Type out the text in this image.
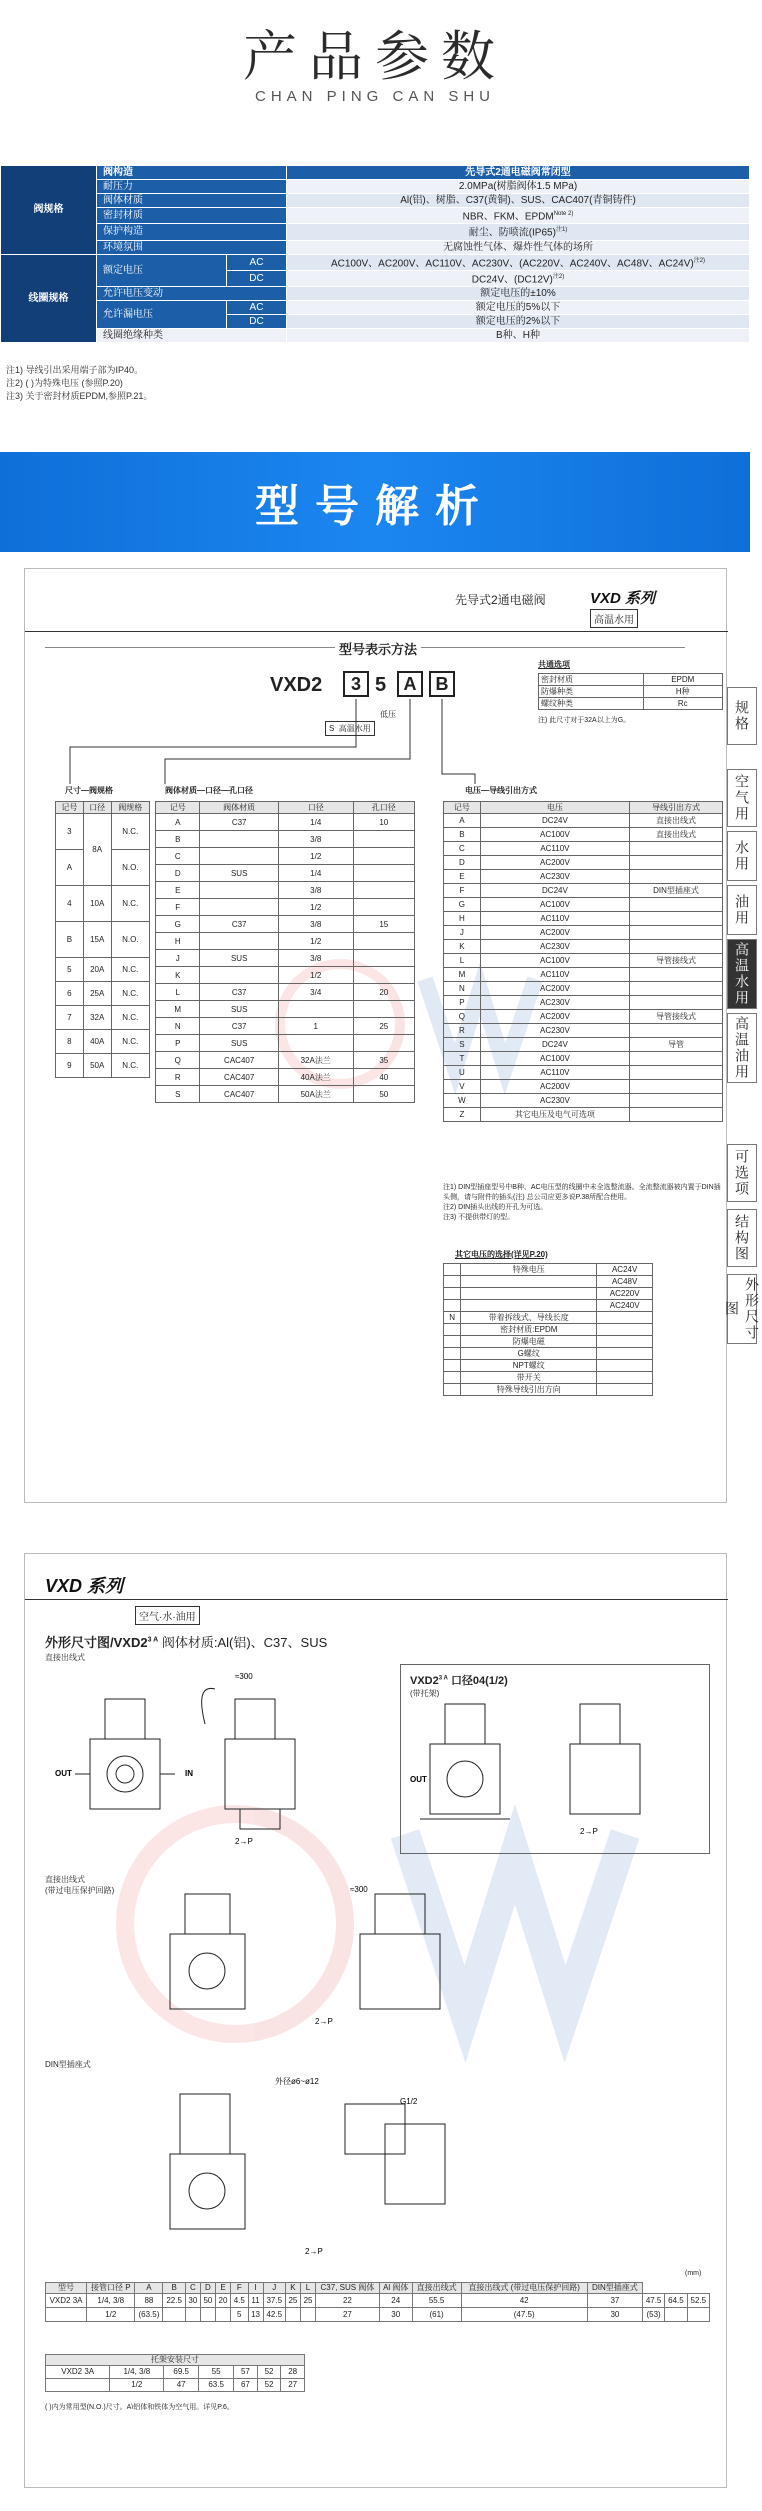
产品参数
CHAN PING CAN SHU
阀规格	阀构造		先导式2通电磁阀常闭型
	耐压力		2.0MPa(树脂阀体1.5 MPa)
	阀体材质		Al(铝)、树脂、C37(黄铜)、SUS、CAC407(青铜铸件)
	密封材质		NBR、FKM、$EPDM^{Note 2)}$
	保护构造		耐尘、防喷流$(IP65)^{注1)}$
	环境氛围		无腐蚀性气体、爆炸性气体的场所
线圈规格	额定电压	AC	AC100V、AC200V、AC110V、AC230V、(AC220V、AC240V、AC48V、AC24V)$^{注2)}$
		DC	DC24V、$(DC12V)^{注2)}$
	允许电压变动		额定电压的±10%
	允许漏电压	AC	额定电压的5%以下
		DC	额定电压的2%以下
	线圈绝缘种类		B种、H种
注1) 导线引出采用端子部为IP40。
注2) ( )为特殊电压 (参照P.20)
注3) 关于密封材质EPDM,参照P.21。
型号解析
先导式2通电磁阀	VXD 系列
高温水用
型号表示方法
VXD2	3 5 A	B
低压
S 高温水用
共通选项
密封材质	EPDM
防爆种类	H种
螺纹种类	Rc
注) 此尺寸对于32A以上为G。	规格
空气用
水用
油用
高温水用
高温油用
可选项
结构图
外形尺寸图
尺寸—阀规格
记号	口径	阀规格
3	8A	N.C.
A		N.O.
4	10A	N.C.
B	15A	N.O.
5	20A	N.C.
6	25A	N.C.
7	32A	N.C.
8	40A	N.C.
9	50A	N.C.
阀体材质—口径—孔口径
记号	阀体材质	口径	孔口径
A	C37	1/4	10
B		3/8	
C		1/2	
D	SUS	1/4	
E		3/8	
F		1/2	
G	C37	3/8	15
H		1/2	
J	SUS	3/8	
K		1/2	
L	C37	3/4	20
M	SUS		
N	C37	1	25
P	SUS		
Q	CAC407	32A法兰	35
R	CAC407	40A法兰	40
S	CAC407	50A法兰	50
电压—导线引出方式
记号	电压	导线引出方式
A	DC24V	直接出线式
B	AC100V	直接出线式
C	AC110V	
D	AC200V	
E	AC230V	
F	DC24V	DIN型插座式
G	AC100V	
H	AC110V	
J	AC200V	
K	AC230V	
L	AC100V	导管接线式
M	AC110V	
N	AC200V	
P	AC230V	
Q	AC200V	导管接线式
R	AC230V	
S	DC24V	导管
T	AC100V	
U	AC110V	
V	AC200V	
W	AC230V	
Z	其它电压及电气可选项	
注1) DIN型插座型号中B种、AC电压型的线圈中未全选整流器。全流整流器被内置于DIN插头侧，请与附件的插头(注) 总公司应更多说P.38所配合使用。
注2) DIN插头出线的开孔为可选。
注3) 不提供带灯的型。
其它电压的选择(详见P.20)
	特殊电压	AC24V
		AC48V
		AC220V
		AC240V
N	带着拆线式、导线长度	
	密封材质:EPDM	
	防爆电磁	
	G螺纹	
	NPT螺纹	
	带开关	
	特殊导线引出方向	
VXD 系列
空气·水·油用
外形尺寸图$/VXD2^{3 A}$ 阀体材质:Al(铝)、C37、SUS
直接出线式
$VXD2^{3 A}$ 口径04(1/2)
(带托架)
OUT	IN
2→P
≈300
OUT
2→P
直接出线式
(带过电压保护回路)
2→P
≈300
DIN型插座式
外径ø6~ø12
G1/2
2→P
(mm)
型号	接管口径 P	A	B	C	D	E	F	I	J	K	L	C37, SUS 阀体	Al 阀体	直接出线式	直接出线式 (带过电压保护回路)	DIN型插座式			
VXD2 3A	1/4, 3/8	88	22.5	30	50	20	4.5	11	37.5	25	25	22	24	55.5	42	37	47.5	64.5	52.5
	1/2	(63.5)					5	13	42.5			27	30	(61)	(47.5)	30	(53)		
托架安装尺寸						
VXD2 3A	1/4, 3/8	69.5	55	57	52	28
	1/2	47	63.5	67	52	27
( )内为常用型(N.O.)尺寸。A\铝体和铁体为空气用。详见P.6。
